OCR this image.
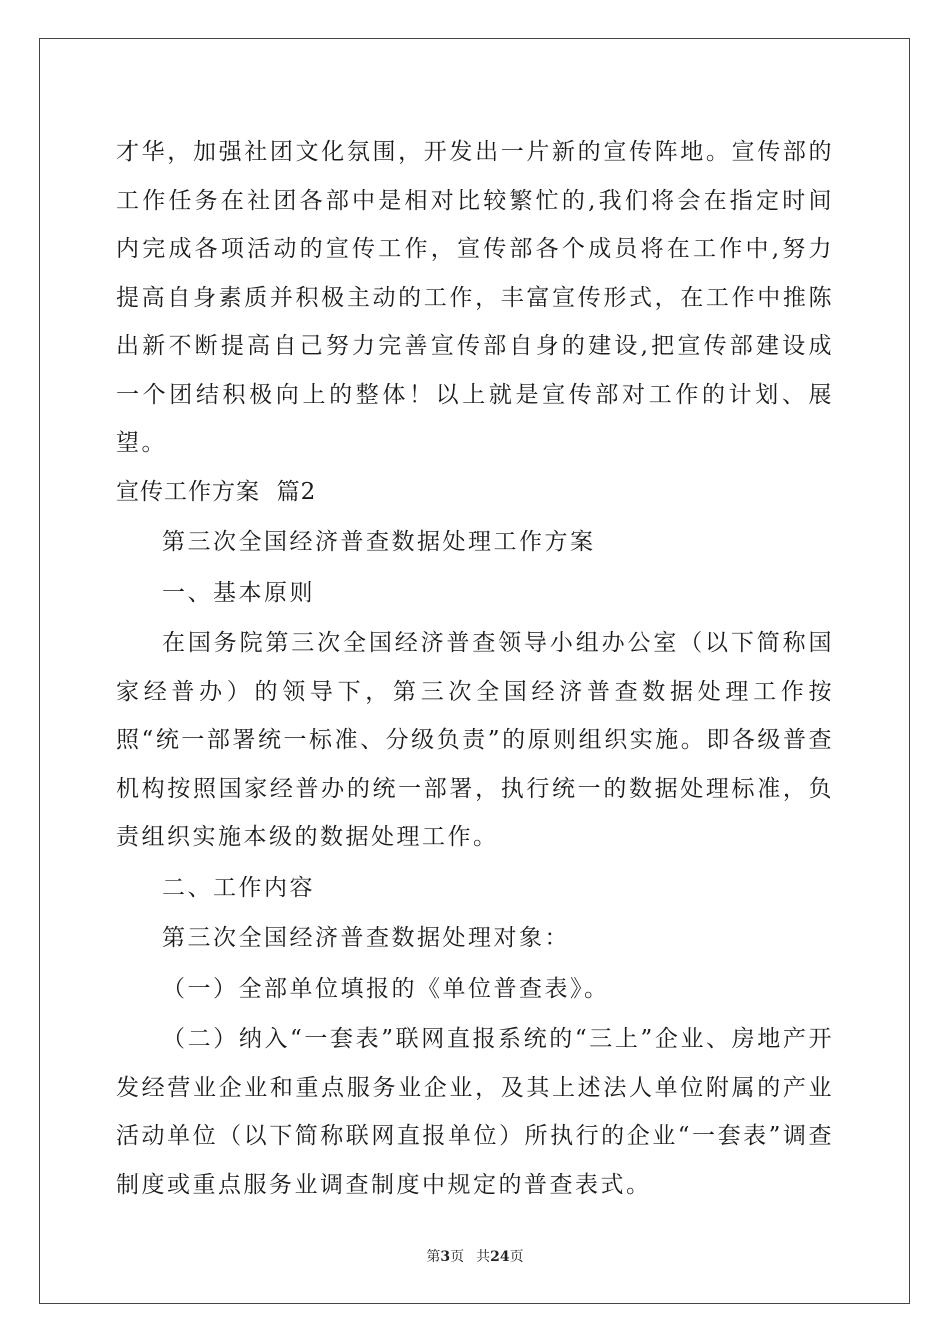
才华，加强社团文化氛围，开发出一片新的宣传阵地。宣传部的工作任务在社团各部中是相对比较繁忙的,我们将会在指定时间内完成各项活动的宣传工作，宣传部各个成员将在工作中,努力提高自身素质并积极主动的工作，丰富宣传形式，在工作中推陈出新不断提高自己努力完善宣传部自身的建设,把宣传部建设成一个团结积极向上的整体！以上就是宣传部对工作的计划、展望。

宣传工作方案  篇2

第三次全国经济普查数据处理工作方案

一、基本原则

在国务院第三次全国经济普查领导小组办公室（以下简称国家经普办）的领导下，第三次全国经济普查数据处理工作按照“统一部署统一标准、分级负责”的原则组织实施。即各级普查机构按照国家经普办的统一部署，执行统一的数据处理标准，负责组织实施本级的数据处理工作。

二、工作内容

第三次全国经济普查数据处理对象：

（一）全部单位填报的《单位普查表》。

（二）纳入“一套表”联网直报系统的“三上”企业、房地产开发经营业企业和重点服务业企业，及其上述法人单位附属的产业活动单位（以下简称联网直报单位）所执行的企业“一套表”调查制度或重点服务业调查制度中规定的普查表式。

第3页 共24页
